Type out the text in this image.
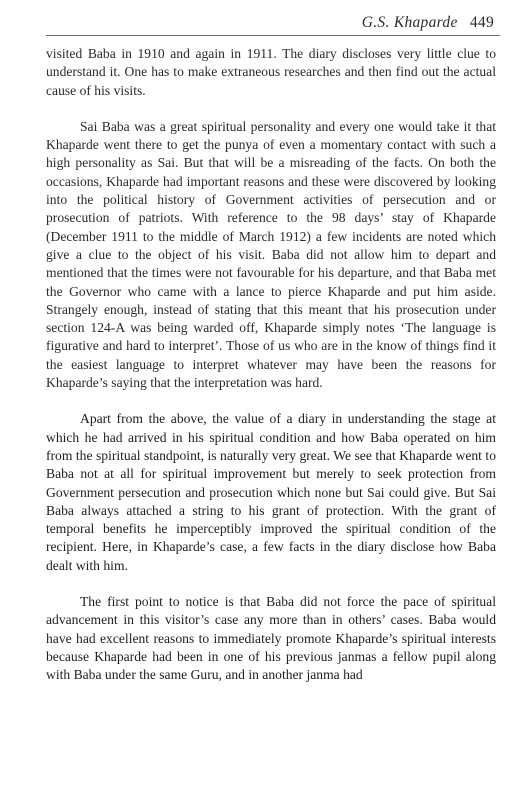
G.S. Khaparde 449

visited Baba in 1910 and again in 1911. The diary discloses very little clue to understand it. One has to make extraneous researches and then find out the actual cause of his visits.

Sai Baba was a great spiritual personality and every one would take it that Khaparde went there to get the punya of even a momentary contact with such a high personality as Sai. But that will be a misreading of the facts. On both the occasions, Khaparde had important reasons and these were discovered by looking into the political history of Government activities of persecution and or prosecution of patriots. With reference to the 98 days’ stay of Khaparde (December 1911 to the middle of March 1912) a few incidents are noted which give a clue to the object of his visit. Baba did not allow him to depart and mentioned that the times were not favourable for his departure, and that Baba met the Governor who came with a lance to pierce Khaparde and put him aside. Strangely enough, instead of stating that this meant that his prosecution under section 124-A was being warded off, Khaparde simply notes ‘The language is figurative and hard to interpret’. Those of us who are in the know of things find it the easiest language to interpret whatever may have been the reasons for Khaparde’s saying that the interpretation was hard.

Apart from the above, the value of a diary in understanding the stage at which he had arrived in his spiritual condition and how Baba operated on him from the spiritual standpoint, is naturally very great. We see that Khaparde went to Baba not at all for spiritual improvement but merely to seek protection from Government persecution and prosecution which none but Sai could give. But Sai Baba always attached a string to his grant of protection. With the grant of temporal benefits he imperceptibly improved the spiritual condition of the recipient. Here, in Khaparde’s case, a few facts in the diary disclose how Baba dealt with him.

The first point to notice is that Baba did not force the pace of spiritual advancement in this visitor’s case any more than in others’ cases. Baba would have had excellent reasons to immediately promote Khaparde’s spiritual interests because Khaparde had been in one of his previous janmas a fellow pupil along with Baba under the same Guru, and in another janma had
